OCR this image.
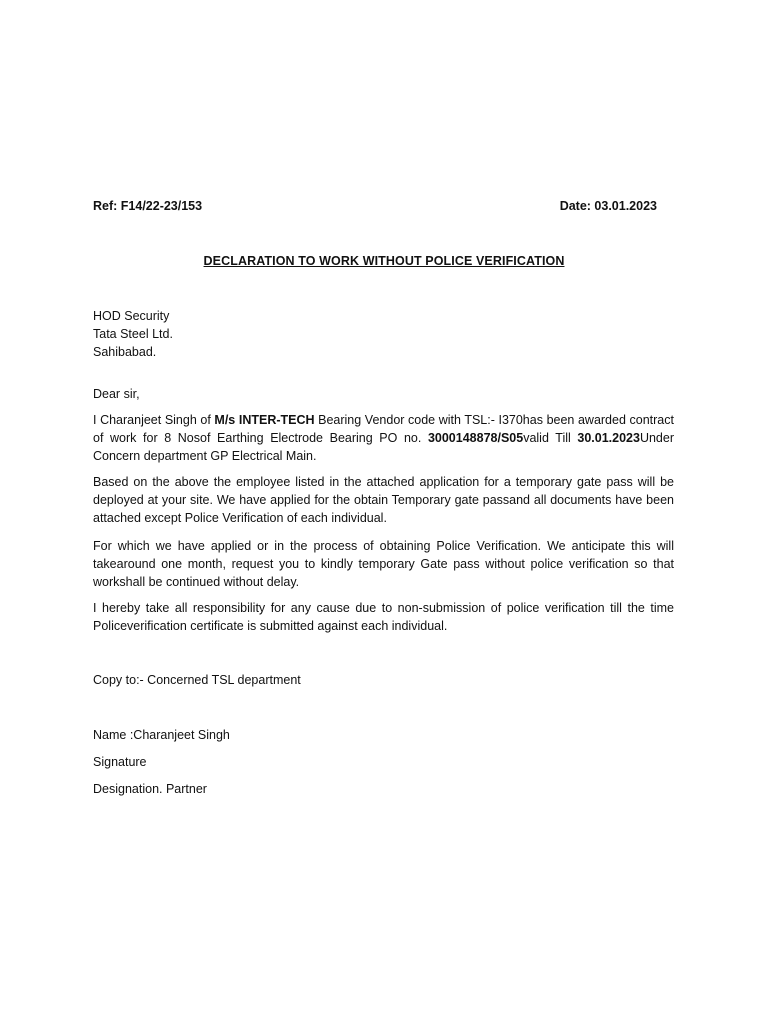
Ref: F14/22-23/153	Date: 03.01.2023
DECLARATION TO WORK WITHOUT POLICE VERIFICATION
HOD Security
Tata Steel Ltd.
Sahibabad.
Dear sir,
I Charanjeet Singh of M/s INTER-TECH Bearing Vendor code with TSL:- I370has been awarded contract of work for 8 Nosof Earthing Electrode Bearing PO no. 3000148878/S05valid Till 30.01.2023Under Concern department GP Electrical Main.
Based on the above the employee listed in the attached application for a temporary gate pass will be deployed at your site. We have applied for the obtain Temporary gate passand all documents have been attached except Police Verification of each individual.
For which we have applied or in the process of obtaining Police Verification. We anticipate this will takearound one month, request you to kindly temporary Gate pass without police verification so that workshall be continued without delay.
I hereby take all responsibility for any cause due to non-submission of police verification till the time Policeverification certificate is submitted against each individual.
Copy to:- Concerned TSL department
Name :Charanjeet Singh
Signature
Designation. Partner
